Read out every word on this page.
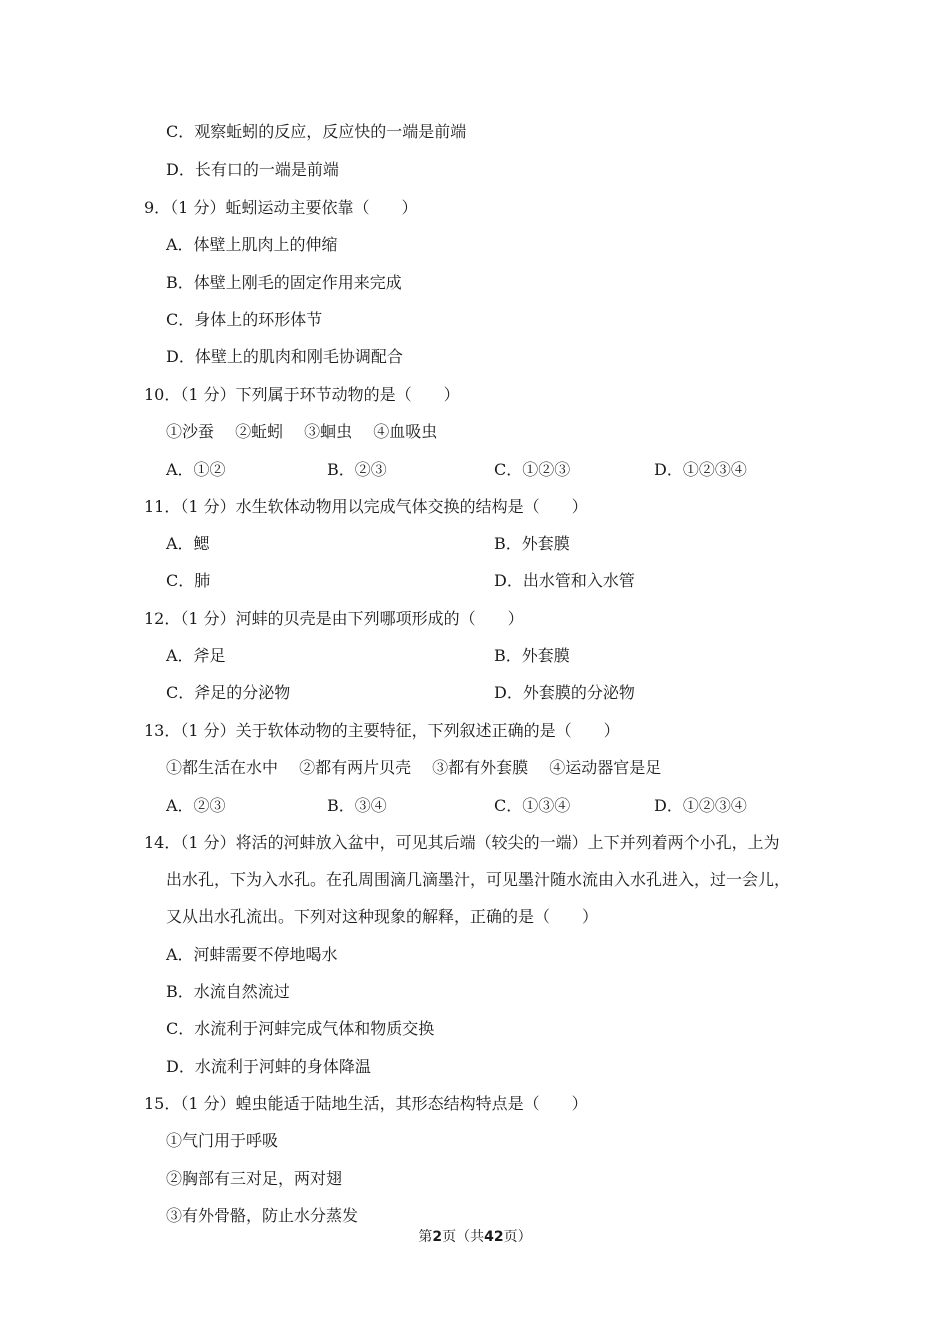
C．观察蚯蚓的反应，反应快的一端是前端
D．长有口的一端是前端
9．（1 分）蚯蚓运动主要依靠（　　）
A．体壁上肌肉上的伸缩
B．体壁上刚毛的固定作用来完成
C．身体上的环形体节
D．体壁上的肌肉和刚毛协调配合
10．（1 分）下列属于环节动物的是（　　）
①沙蚕　 ②蚯蚓　 ③蛔虫　 ④血吸虫
A．①②	B．②③	C．①②③	D．①②③④
11．（1 分）水生软体动物用以完成气体交换的结构是（　　）
A．鳃	B．外套膜
C．肺	D．出水管和入水管
12．（1 分）河蚌的贝壳是由下列哪项形成的（　　）
A．斧足	B．外套膜
C．斧足的分泌物	D．外套膜的分泌物
13．（1 分）关于软体动物的主要特征，下列叙述正确的是（　　）
①都生活在水中　 ②都有两片贝壳　 ③都有外套膜　 ④运动器官是足
A．②③	B．③④	C．①③④	D．①②③④
14．（1 分）将活的河蚌放入盆中，可见其后端（较尖的一端）上下并列着两个小孔，上为
出水孔，下为入水孔。在孔周围滴几滴墨汁，可见墨汁随水流由入水孔进入，过一会儿，
又从出水孔流出。下列对这种现象的解释，正确的是（　　）
A．河蚌需要不停地喝水
B．水流自然流过
C．水流利于河蚌完成气体和物质交换
D．水流利于河蚌的身体降温
15．（1 分）蝗虫能适于陆地生活，其形态结构特点是（　　）
①气门用于呼吸
②胸部有三对足，两对翅
③有外骨骼，防止水分蒸发
第2页（共42页）
